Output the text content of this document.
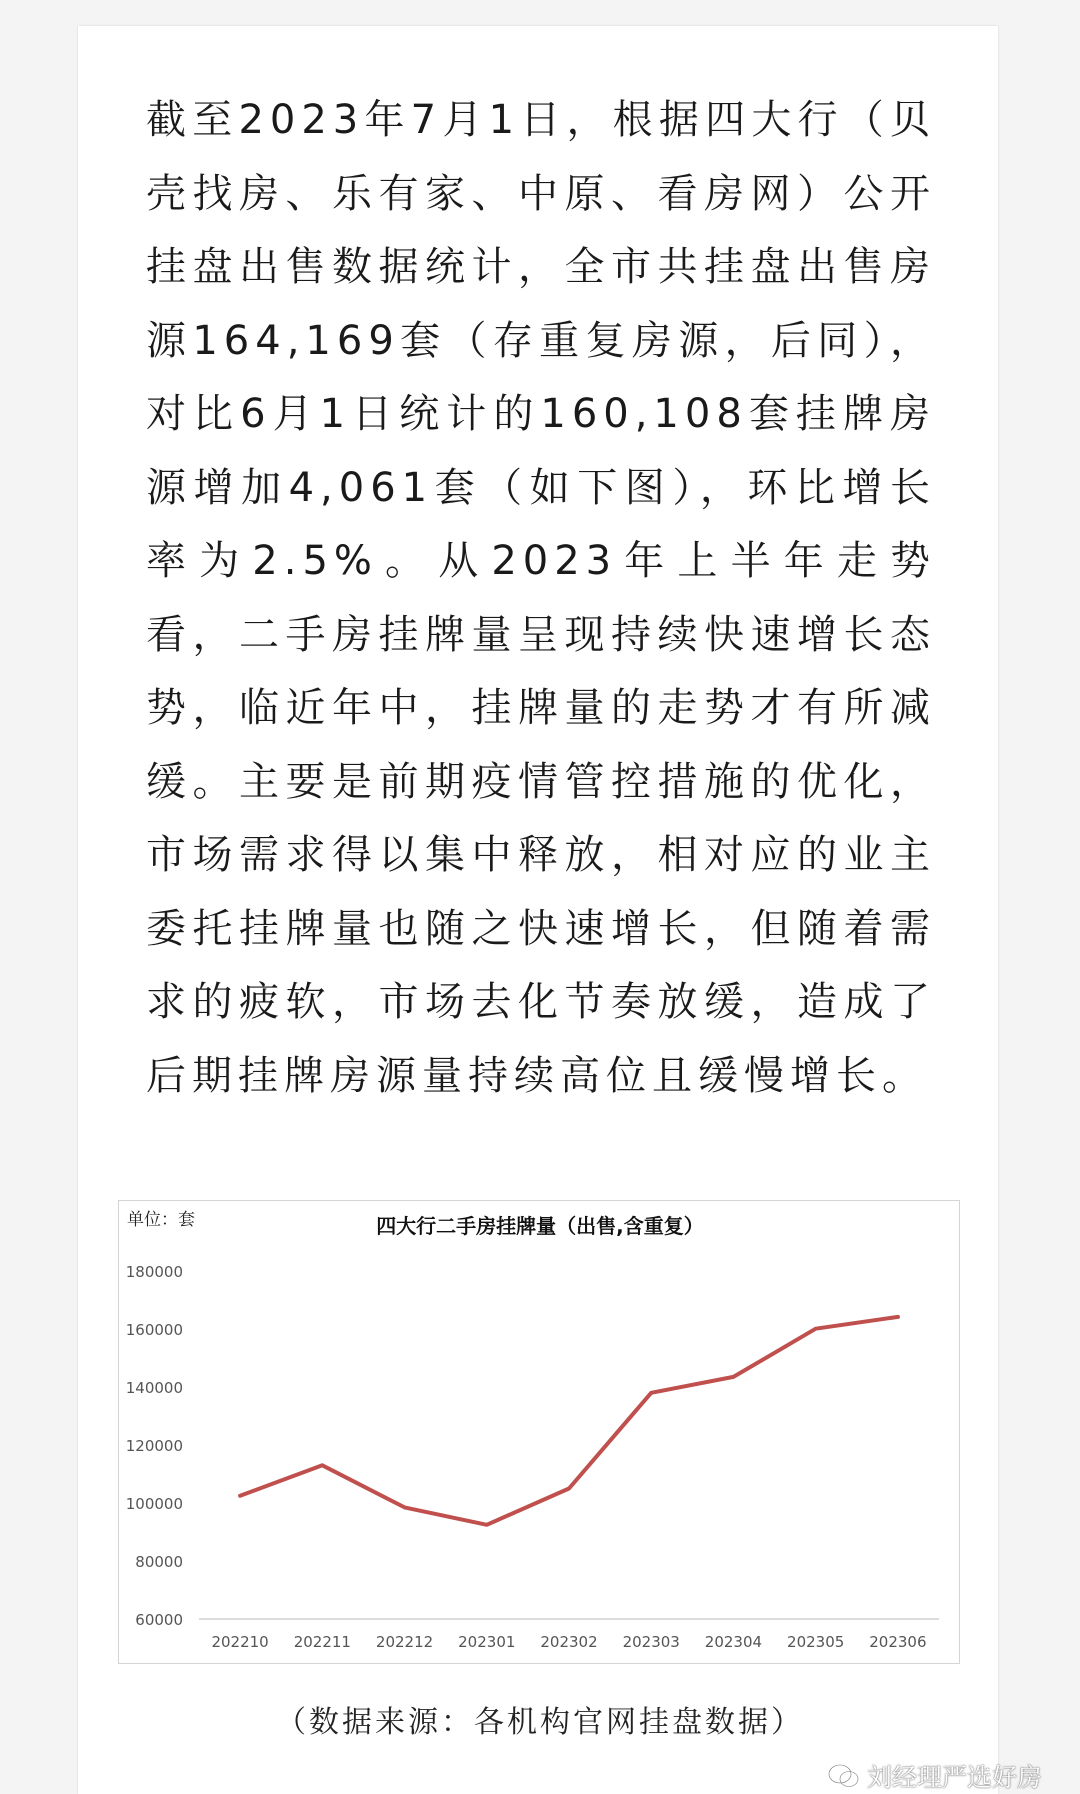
截至2023年7月1日，根据四大行（贝壳找房、乐有家、中原、看房网）公开挂盘出售数据统计，全市共挂盘出售房源164,169套（存重复房源，后同），对比6月1日统计的160,108套挂牌房源增加4,061套（如下图），环比增长率为2.5%。从2023年上半年走势看，二手房挂牌量呈现持续快速增长态势，临近年中，挂牌量的走势才有所减缓。主要是前期疫情管控措施的优化，市场需求得以集中释放，相对应的业主委托挂牌量也随之快速增长，但随着需求的疲软，市场去化节奏放缓，造成了后期挂牌房源量持续高位且缓慢增长。

单位：套	四大行二手房挂牌量（出售,含重复）
60000
80000
100000
120000
140000
160000
180000
202210 202211 202212 202301 202302 202303 202304 202305 202306
（数据来源：各机构官网挂盘数据）
刘经理严选好房
